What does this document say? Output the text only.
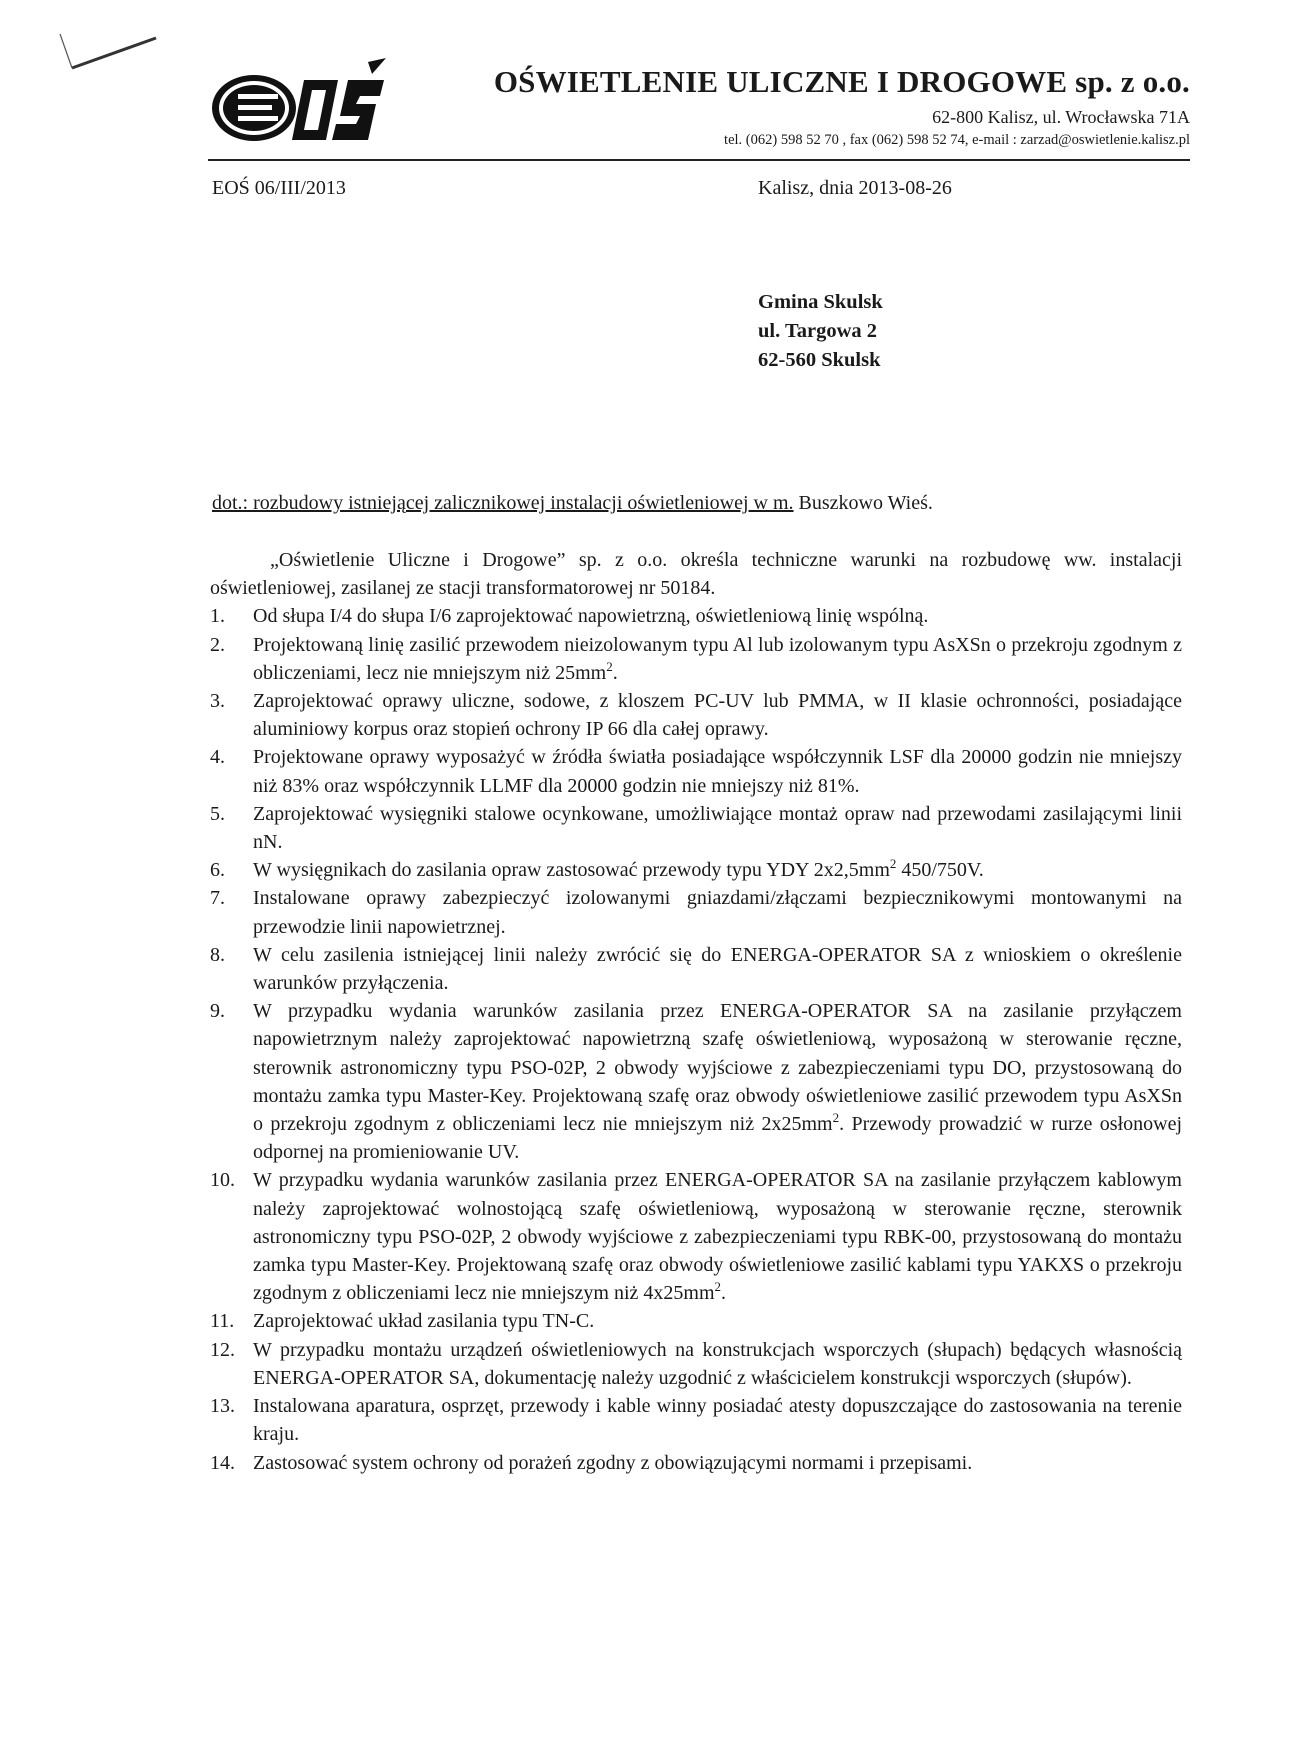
OŚWIETLENIE ULICZNE I DROGOWE sp. z o.o.
62-800 Kalisz, ul. Wrocławska 71A
tel. (062) 598 52 70 , fax (062) 598 52 74, e-mail : zarzad@oswietlenie.kalisz.pl
EOŚ 06/III/2013	Kalisz, dnia 2013-08-26
Gmina Skulsk
ul. Targowa 2
62-560 Skulsk
dot.: rozbudowy istniejącej zalicznikowej instalacji oświetleniowej w m. Buszkowo Wieś.

„Oświetlenie Uliczne i Drogowe” sp. z o.o. określa techniczne warunki na rozbudowę ww. instalacji oświetleniowej, zasilanej ze stacji transformatorowej nr 50184.

1.	Od słupa I/4 do słupa I/6 zaprojektować napowietrzną, oświetleniową linię wspólną.
2.	Projektowaną linię zasilić przewodem nieizolowanym typu Al lub izolowanym typu AsXSn o przekroju zgodnym z obliczeniami, lecz nie mniejszym niż $25mm^2$.
3.	Zaprojektować oprawy uliczne, sodowe, z kloszem PC-UV lub PMMA, w II klasie ochronności, posiadające aluminiowy korpus oraz stopień ochrony IP 66 dla całej oprawy.
4.	Projektowane oprawy wyposażyć w źródła światła posiadające współczynnik LSF dla 20000 godzin nie mniejszy niż 83% oraz współczynnik LLMF dla 20000 godzin nie mniejszy niż 81%.
5.	Zaprojektować wysięgniki stalowe ocynkowane, umożliwiające montaż opraw nad przewodami zasilającymi linii nN.
6.	W wysięgnikach do zasilania opraw zastosować przewody typu YDY $2x2,5mm^2$ 450/750V.
7.	Instalowane oprawy zabezpieczyć izolowanymi gniazdami/złączami bezpiecznikowymi montowanymi na przewodzie linii napowietrznej.
8.	W celu zasilenia istniejącej linii należy zwrócić się do ENERGA-OPERATOR SA z wnioskiem o określenie warunków przyłączenia.
9.	W przypadku wydania warunków zasilania przez ENERGA-OPERATOR SA na zasilanie przyłączem napowietrznym należy zaprojektować napowietrzną szafę oświetleniową, wyposażoną w sterowanie ręczne, sterownik astronomiczny typu PSO-02P, 2 obwody wyjściowe z zabezpieczeniami typu DO, przystosowaną do montażu zamka typu Master-Key. Projektowaną szafę oraz obwody oświetleniowe zasilić przewodem typu AsXSn o przekroju zgodnym z obliczeniami lecz nie mniejszym niż $2x25mm^2$. Przewody prowadzić w rurze osłonowej odpornej na promieniowanie UV.
10. W przypadku wydania warunków zasilania przez ENERGA-OPERATOR SA na zasilanie przyłączem kablowym należy zaprojektować wolnostojącą szafę oświetleniową, wyposażoną w sterowanie ręczne, sterownik astronomiczny typu PSO-02P, 2 obwody wyjściowe z zabezpieczeniami typu RBK-00, przystosowaną do montażu zamka typu Master-Key. Projektowaną szafę oraz obwody oświetleniowe zasilić kablami typu YAKXS o przekroju zgodnym z obliczeniami lecz nie mniejszym niż $4x25mm^2$.
11. Zaprojektować układ zasilania typu TN-C.
12. W przypadku montażu urządzeń oświetleniowych na konstrukcjach wsporczych (słupach) będących własnością ENERGA-OPERATOR SA, dokumentację należy uzgodnić z właścicielem konstrukcji wsporczych (słupów).
13. Instalowana aparatura, osprzęt, przewody i kable winny posiadać atesty dopuszczające do zastosowania na terenie kraju.
14. Zastosować system ochrony od porażeń zgodny z obowiązującymi normami i przepisami.
